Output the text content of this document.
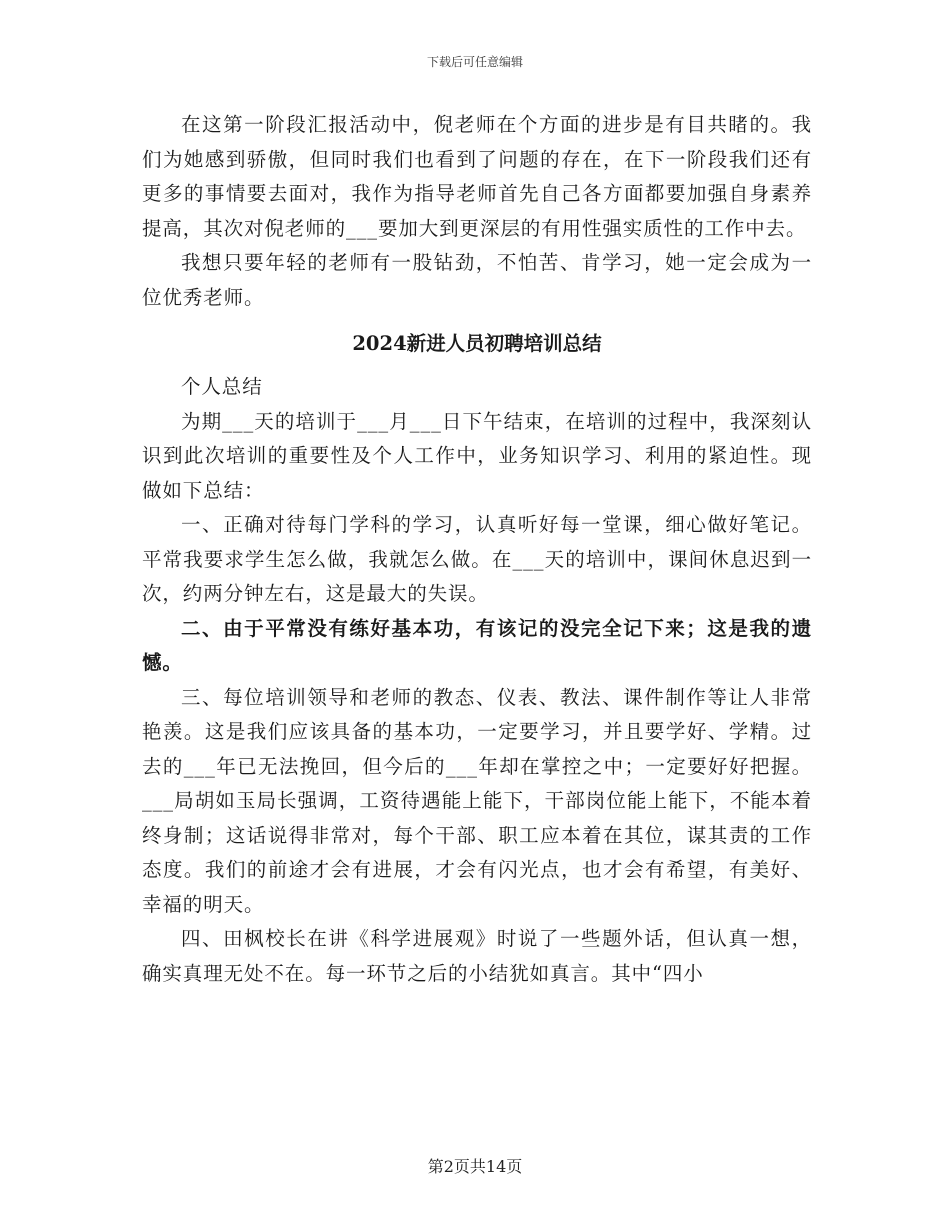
下载后可任意编辑

在这第一阶段汇报活动中，倪老师在个方面的进步是有目共睹的。我们为她感到骄傲，但同时我们也看到了问题的存在，在下一阶段我们还有更多的事情要去面对，我作为指导老师首先自己各方面都要加强自身素养提高，其次对倪老师的___要加大到更深层的有用性强实质性的工作中去。

我想只要年轻的老师有一股钻劲，不怕苦、肯学习，她一定会成为一位优秀老师。

2024新进人员初聘培训总结

个人总结

为期___天的培训于___月___日下午结束，在培训的过程中，我深刻认识到此次培训的重要性及个人工作中，业务知识学习、利用的紧迫性。现做如下总结：

一、正确对待每门学科的学习，认真听好每一堂课，细心做好笔记。平常我要求学生怎么做，我就怎么做。在___天的培训中，课间休息迟到一次，约两分钟左右，这是最大的失误。

二、由于平常没有练好基本功，有该记的没完全记下来；这是我的遗憾。

三、每位培训领导和老师的教态、仪表、教法、课件制作等让人非常艳羡。这是我们应该具备的基本功，一定要学习，并且要学好、学精。过去的___年已无法挽回，但今后的___年却在掌控之中；一定要好好把握。___局胡如玉局长强调，工资待遇能上能下，干部岗位能上能下，不能本着终身制；这话说得非常对，每个干部、职工应本着在其位，谋其责的工作态度。我们的前途才会有进展，才会有闪光点，也才会有希望，有美好、幸福的明天。

四、田枫校长在讲《科学进展观》时说了一些题外话，但认真一想，确实真理无处不在。每一环节之后的小结犹如真言。其中“四小

第2页共14页
